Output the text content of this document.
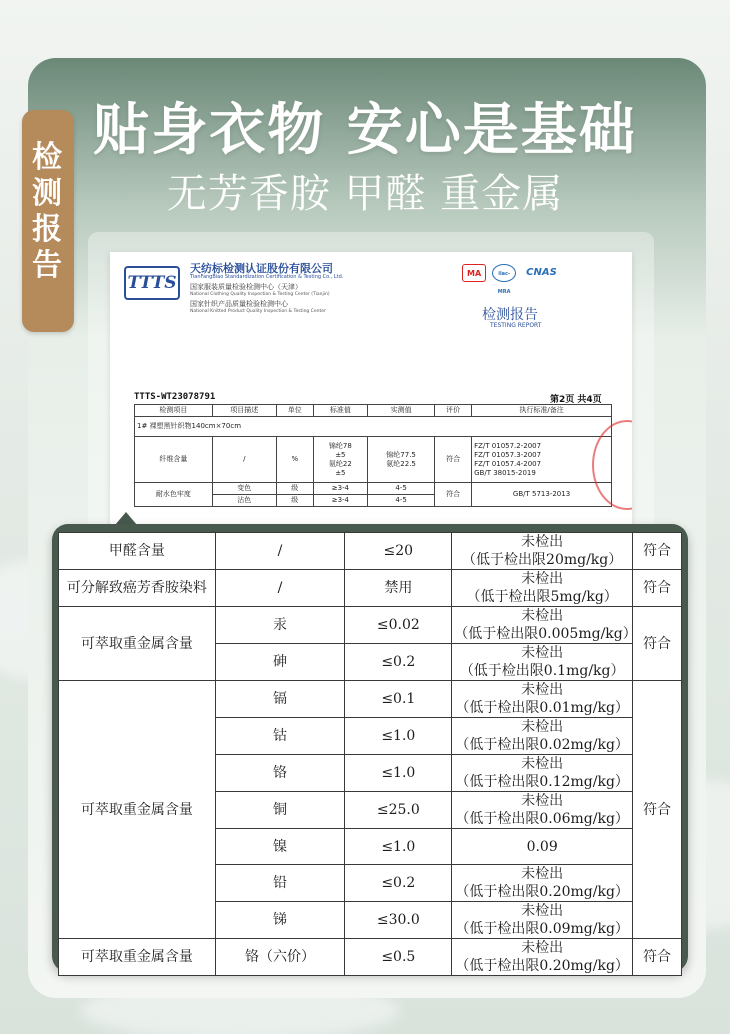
检测报告
贴身衣物 安心是基础
无芳香胺 甲醛 重金属
TTTS
天纺标检测认证股份有限公司
TianFangBiao Standardization Certification & Testing Co., Ltd.
国家服装质量检验检测中心（天津）
National Clothing Quality Inspection & Testing Center (Tianjin)
国家针织产品质量检验检测中心
National Knitted Product Quality Inspection & Testing Center
MA	ilac-MRA
CNAS
检测报告
TESTING REPORT
TTTS-WT23078791	第2页 共4页
检测项目	项目描述	单位	标准值	实测值	评价	执行标准/备注
1# 裸塑黑针织物140cm×70cm						
纤维含量	/	%	锦纶78
±5
氨纶22
±5	锦纶77.5
氨纶22.5	符合	FZ/T 01057.2-2007
FZ/T 01057.3-2007
FZ/T 01057.4-2007
GB/T 38015-2019
耐水色牢度	变色	级	≥3-4	4-5	符合	GB/T 5713-2013
	沾色	级	≥3-4	4-5		
甲醛含量	/	≤20	未检出
（低于检出限20mg/kg）	符合
可分解致癌芳香胺染料	/	禁用	未检出
（低于检出限5mg/kg）	符合
可萃取重金属含量	汞	≤0.02	未检出
（低于检出限0.005mg/kg）	符合
	砷	≤0.2	未检出
（低于检出限0.1mg/kg）	

可萃取重金属含量	镉	≤0.1	未检出
（低于检出限0.01mg/kg）	符合
	钴	≤1.0	未检出
（低于检出限0.02mg/kg）	

	铬	≤1.0	未检出
（低于检出限0.12mg/kg）	

	铜	≤25.0	未检出
（低于检出限0.06mg/kg）	

	镍	≤1.0	0.09	
	铅	≤0.2	未检出
（低于检出限0.20mg/kg）	

	锑	≤30.0	未检出
（低于检出限0.09mg/kg）	

可萃取重金属含量	铬（六价）	≤0.5	未检出
（低于检出限0.20mg/kg）	符合
